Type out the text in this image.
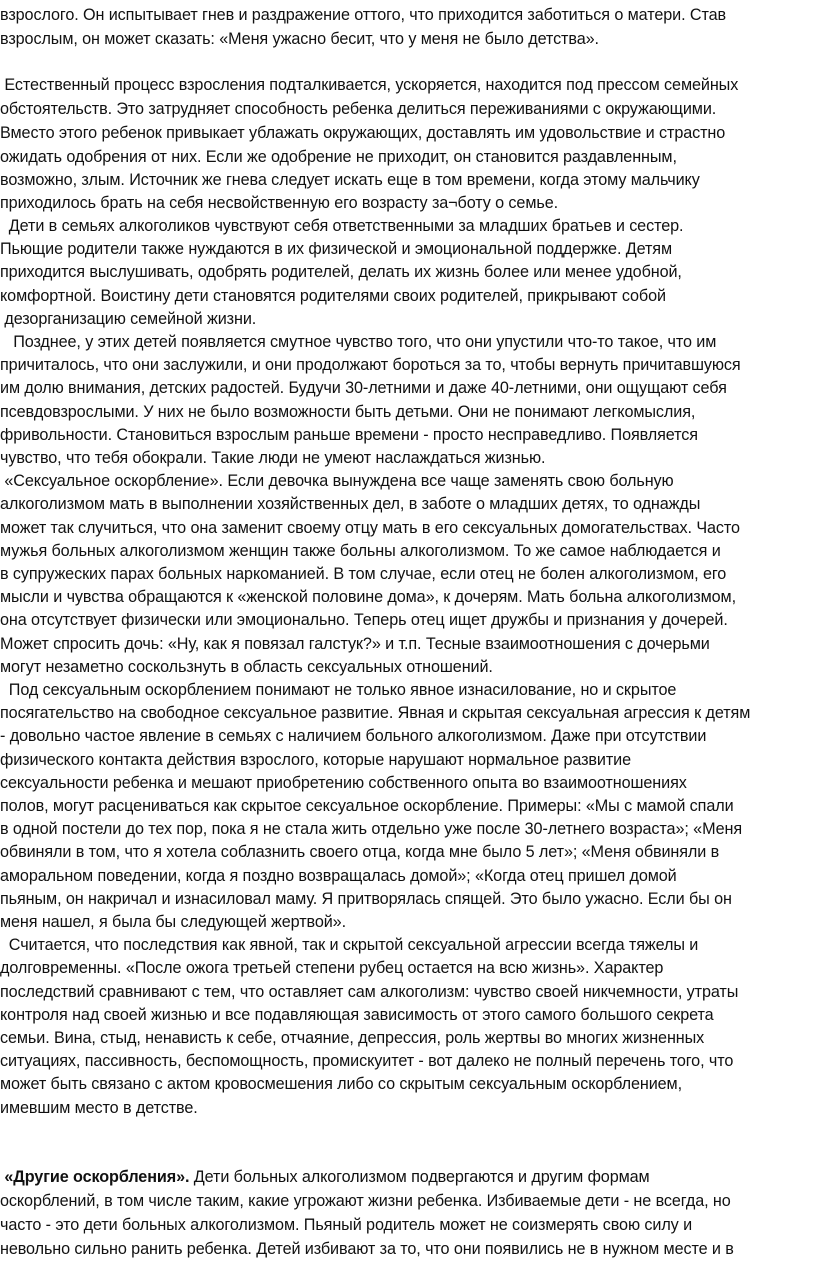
взрослого. Он испытывает гнев и раздражение оттого, что приходится заботиться о матери. Став
взрослым, он может сказать: «Меня ужасно бесит, что у меня не было детства».
Естественный процесс взросления подталкивается, ускоряется, находится под прессом семейных
обстоятельств. Это затрудняет способность ребенка делиться переживаниями с окружающими.
Вместо этого ребенок привыкает ублажать окружающих, доставлять им удовольствие и страстно
ожидать одобрения от них. Если же одобрение не приходит, он становится раздавленным,
возможно, злым. Источник же гнева следует искать еще в том времени, когда этому мальчику
приходилось брать на себя несвойственную его возрасту за¬боту о семье.
Дети в семьях алкоголиков чувствуют себя ответственными за младших братьев и сестер.
Пьющие родители также нуждаются в их физической и эмоциональной поддержке. Детям
приходится выслушивать, одобрять родителей, делать их жизнь более или менее удобной,
комфортной. Воистину дети становятся родителями своих родителей, прикрывают собой
дезорганизацию семейной жизни.
Позднее, у этих детей появляется смутное чувство того, что они упустили что-то такое, что им
причиталось, что они заслужили, и они продолжают бороться за то, чтобы вернуть причитавшуюся
им долю внимания, детских радостей. Будучи 30-летними и даже 40-летними, они ощущают себя
псевдовзрослыми. У них не было возможности быть детьми. Они не понимают легкомыслия,
фривольности. Становиться взрослым раньше времени - просто несправедливо. Появляется
чувство, что тебя обокрали. Такие люди не умеют наслаждаться жизнью.
«Сексуальное оскорбление». Если девочка вынуждена все чаще заменять свою больную
алкоголизмом мать в выполнении хозяйственных дел, в заботе о младших детях, то однажды
может так случиться, что она заменит своему отцу мать в его сексуальных домогательствах. Часто
мужья больных алкоголизмом женщин также больны алкоголизмом. То же самое наблюдается и
в супружеских парах больных наркоманией. В том случае, если отец не болен алкоголизмом, его
мысли и чувства обращаются к «женской половине дома», к дочерям. Мать больна алкоголизмом,
она отсутствует физически или эмоционально. Теперь отец ищет дружбы и признания у дочерей.
Может спросить дочь: «Ну, как я повязал галстук?» и т.п. Тесные взаимоотношения с дочерьми
могут незаметно соскользнуть в область сексуальных отношений.
Под сексуальным оскорблением понимают не только явное изнасилование, но и скрытое
посягательство на свободное сексуальное развитие. Явная и скрытая сексуальная агрессия к детям
- довольно частое явление в семьях с наличием больного алкоголизмом. Даже при отсутствии
физического контакта действия взрослого, которые нарушают нормальное развитие
сексуальности ребенка и мешают приобретению собственного опыта во взаимоотношениях
полов, могут расцениваться как скрытое сексуальное оскорбление. Примеры: «Мы с мамой спали
в одной постели до тех пор, пока я не стала жить отдельно уже после 30-летнего возраста»; «Меня
обвиняли в том, что я хотела соблазнить своего отца, когда мне было 5 лет»; «Меня обвиняли в
аморальном поведении, когда я поздно возвращалась домой»; «Когда отец пришел домой
пьяным, он накричал и изнасиловал маму. Я притворялась спящей. Это было ужасно. Если бы он
меня нашел, я была бы следующей жертвой».
Считается, что последствия как явной, так и скрытой сексуальной агрессии всегда тяжелы и
долговременны. «После ожога третьей степени рубец остается на всю жизнь». Характер
последствий сравнивают с тем, что оставляет сам алкоголизм: чувство своей никчемности, утраты
контроля над своей жизнью и все подавляющая зависимость от этого самого большого секрета
семьи. Вина, стыд, ненависть к себе, отчаяние, депрессия, роль жертвы во многих жизненных
ситуациях, пассивность, беспомощность, промискуитет - вот далеко не полный перечень того, что
может быть связано с актом кровосмешения либо со скрытым сексуальным оскорблением,
имевшим место в детстве.
«Другие оскорбления». Дети больных алкоголизмом подвергаются и другим формам
оскорблений, в том числе таким, какие угрожают жизни ребенка. Избиваемые дети - не всегда, но
часто - это дети больных алкоголизмом. Пьяный родитель может не соизмерять свою силу и
невольно сильно ранить ребенка. Детей избивают за то, что они появились не в нужном месте и в
